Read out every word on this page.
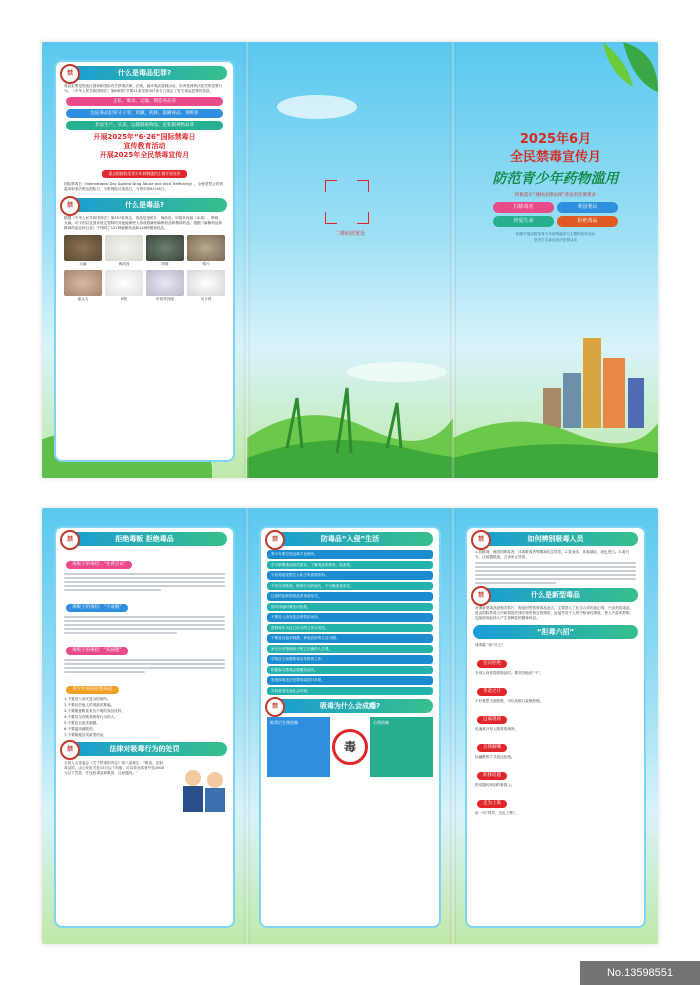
禁	什么是毒品犯罪?
毒品犯罪是指违反国家和国际有关禁毒法律、法规，破坏毒品管制活动，应该受到刑法处罚的犯罪行为。《中华人民共和国刑法》第6章第7节第11条至第357条专门规定了有关毒品犯罪的条款。
走私、贩卖、运输、制造毒品罪
包庇毒品犯罪分子罪；窝藏、转移、隐瞒毒品、毒赃罪
非法生产、买卖、运输制毒物品、走私制毒物品罪
开展2025年“6·26”国际禁毒日
宣传教育活动
开展2025年全民禁毒宣传月
重点围绕防范青少年药物滥用主题开展宣传
国际禁毒日（International Day Against Drug Abuse and Illicit Trafficking），全称是禁止药物滥用和非法贩运国际日，又称国际反毒品日，为每年的6月26日。
禁	什么是毒品?
根据《中华人民共和国刑法》第357条规定，毒品是指鸦片、海洛因、甲基苯丙胺（冰毒）、吗啡、大麻、可卡因以及国家规定管制的其他能够使人形成瘾癖的麻醉药品和精神药品。根据《麻醉药品和精神药品品种目录》中列明了121种麻醉药品和149种精神药品。
大麻	海洛因	吗啡	鸦片
摇头丸	K粉	甲基苯丙胺	可卡因
二维码放置处
2025年6月
全民禁毒宣传月
防范青少年药物滥用
积极落实“遵执法律法规”普法责任制要求
扫除毒害	利国利民
珍爱生命	拒绝毒品
积极开展以防范青少年药物滥用为主题的宣传活动
坚决打击毒品违法犯罪活动
禁	拒绝毒贩 拒绝毒品
毒贩子的毒招：“免费尝试”
毒贩子的毒招：“不成瘾”
毒贩子的毒招：“戒减肥”
青少年如何拒绝毒品
1.不要进入治安复杂的场所。
2.不要轻信他人的诱惑或欺骗。
3.不要随意吸食来历不明的食品饮料。
4.不要结交有吸毒贩毒行为的人。
5.不要盲目追求刺激。
6.不要滥用减肥药。
7.不要随便尝试新型药品。
禁	法律对吸毒行为的处罚
全国人大常委会《关于禁毒的决定》第八条规定：“吸食、注射毒品的，由公安机关处15日以下拘留，可以单处或者并处2000元以下罚款，并没收毒品和吸食、注射器具。”
禁	防毒品“入侵”生活
青少年要自觉远离不良场所。
学习掌握毒品相关知识，了解毒品的种类、危害等。
不轻易接受陌生人给予的食物饮料。
不结交有吸毒、贩毒行为的朋友，不与吸毒者来往。
注意防范新型毒品的伪装形式。
面对诱惑时要坚决拒绝。
不要进入治安复杂的娱乐场所。
将禁毒作为自己应尽的义务与责任。
不要盲目追求刺激，养成良好的生活习惯。
家长应该帮助孩子树立正确的人生观。
学校应当加强禁毒宣传教育工作。
积极参与禁毒志愿服务活动。
发现涉毒违法犯罪线索及时举报。
共同营造无毒社会环境。
禁	吸毒为什么会成瘾?
吸毒后生理依赖
毒
心理依赖
禁	如何辨别吸毒人员
1.看精神，海洛因吸毒者，冰毒吸毒者等精神状态异常。2.看身体，体重减轻，面色苍白。3.看行为，注射器痕迹，言谈举止异常。
禁	什么是新型毒品
所谓新型毒品是相对鸦片、海洛因等传统毒品而言，主要指人工化学合成的致幻剂、兴奋剂类毒品，是由国际禁毒公约和我国法律法规所规定管制的、直接作用于人的中枢神经系统，使人兴奋或抑制，连续使用能使人产生依赖性的精神药品。
“拒毒六招”
戒毒篇 “给”什么？
坚决拒绝
当别人向你提供毒品时，要坚决地说“不”。
善意之计
不好意思当面拒绝，可以找借口委婉拒绝。
远离现场
迅速离开有人吸毒的场所。
自我解嘲
以幽默的方式表达拒绝。
转移话题
把话题转到别的事情上。
走为上策
说一句“拜拜，走也上策”。
No.13598551
